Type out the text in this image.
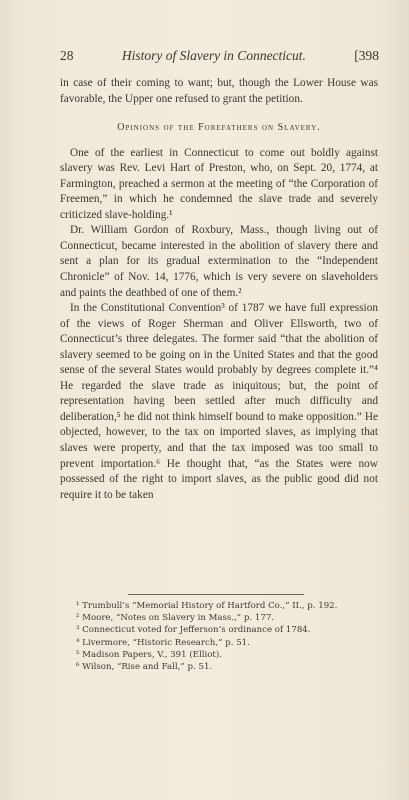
28	History of Slavery in Connecticut.	[398

in case of their coming to want; but, though the Lower House was favorable, the Upper one refused to grant the petition.

Opinions of the Forefathers on Slavery.

One of the earliest in Connecticut to come out boldly against slavery was Rev. Levi Hart of Preston, who, on Sept. 20, 1774, at Farmington, preached a sermon at the meeting of “the Corporation of Freemen,” in which he condemned the slave trade and severely criticized slave-holding.¹

Dr. William Gordon of Roxbury, Mass., though living out of Connecticut, became interested in the abolition of slavery there and sent a plan for its gradual extermination to the “Independent Chronicle” of Nov. 14, 1776, which is very severe on slaveholders and paints the deathbed of one of them.²

In the Constitutional Convention³ of 1787 we have full expression of the views of Roger Sherman and Oliver Ellsworth, two of Connecticut’s three delegates. The former said “that the abolition of slavery seemed to be going on in the United States and that the good sense of the several States would probably by degrees complete it.”⁴ He regarded the slave trade as iniquitous; but, the point of representation having been settled after much difficulty and deliberation,⁵ he did not think himself bound to make opposition.” He objected, however, to the tax on imported slaves, as implying that slaves were property, and that the tax imposed was too small to prevent importation.⁶ He thought that, “as the States were now possessed of the right to import slaves, as the public good did not require it to be taken

¹ Trumbull’s “Memorial History of Hartford Co.,” II., p. 192.
² Moore, “Notes on Slavery in Mass.,” p. 177.
³ Connecticut voted for Jefferson’s ordinance of 1784.
⁴ Livermore, “Historic Research,” p. 51.
⁵ Madison Papers, V., 391 (Elliot).
⁶ Wilson, “Rise and Fall,” p. 51.
